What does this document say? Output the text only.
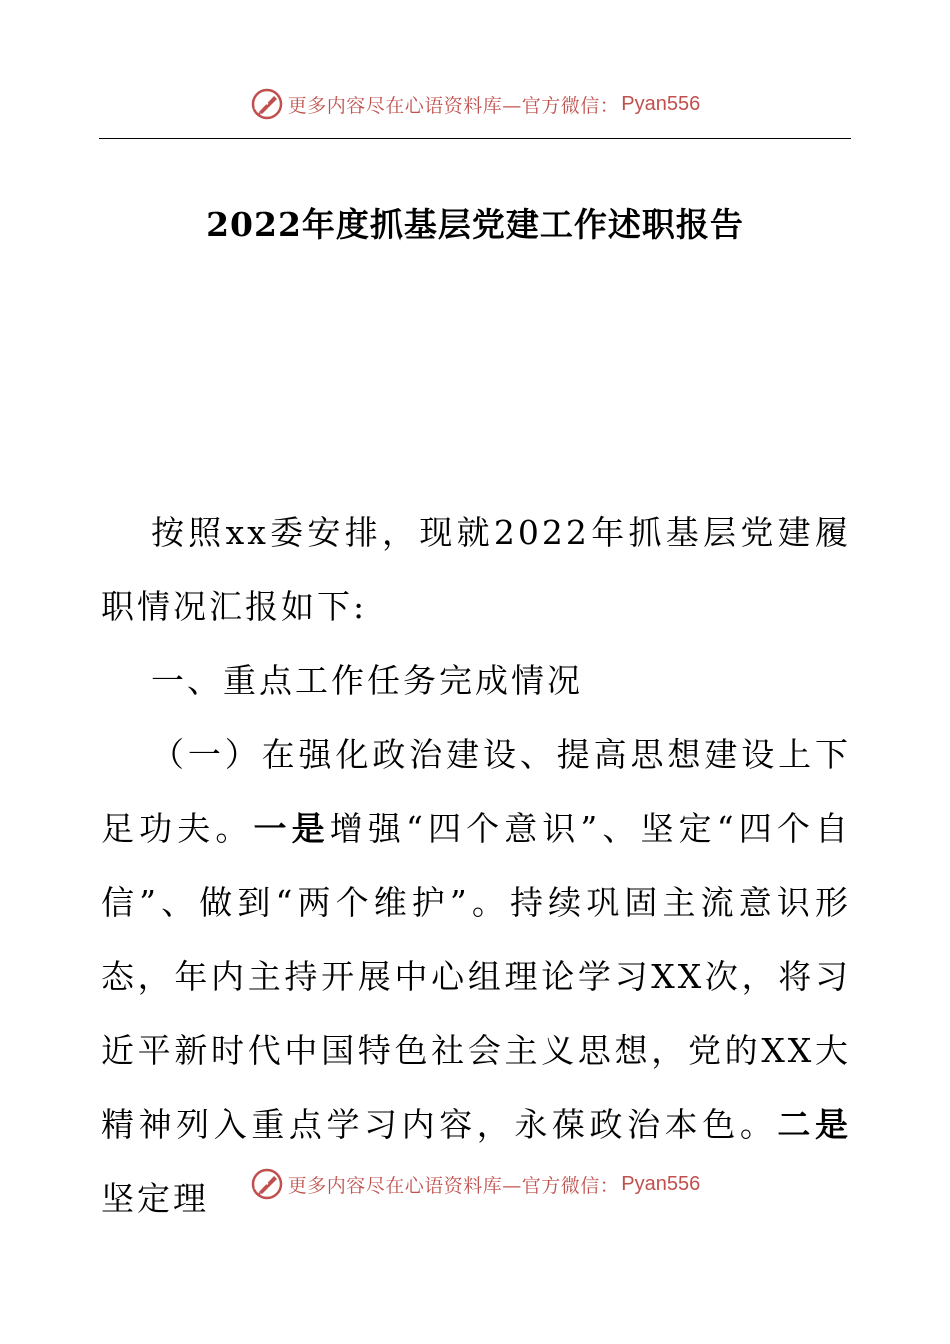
更多内容尽在心语资料库—官方微信： Pyan556
2022年度抓基层党建工作述职报告

按照xx委安排，现就2022年抓基层党建履职情况汇报如下:

一、重点工作任务完成情况

（一）在强化政治建设、提高思想建设上下足功夫。一是增强“四个意识”、坚定“四个自信”、做到“两个维护”。持续巩固主流意识形态，年内主持开展中心组理论学习XX次，将习近平新时代中国特色社会主义思想，党的XX大精神列入重点学习内容，永葆政治本色。二是坚定理	更多内容尽在心语资料库—官方微信： Pyan556
